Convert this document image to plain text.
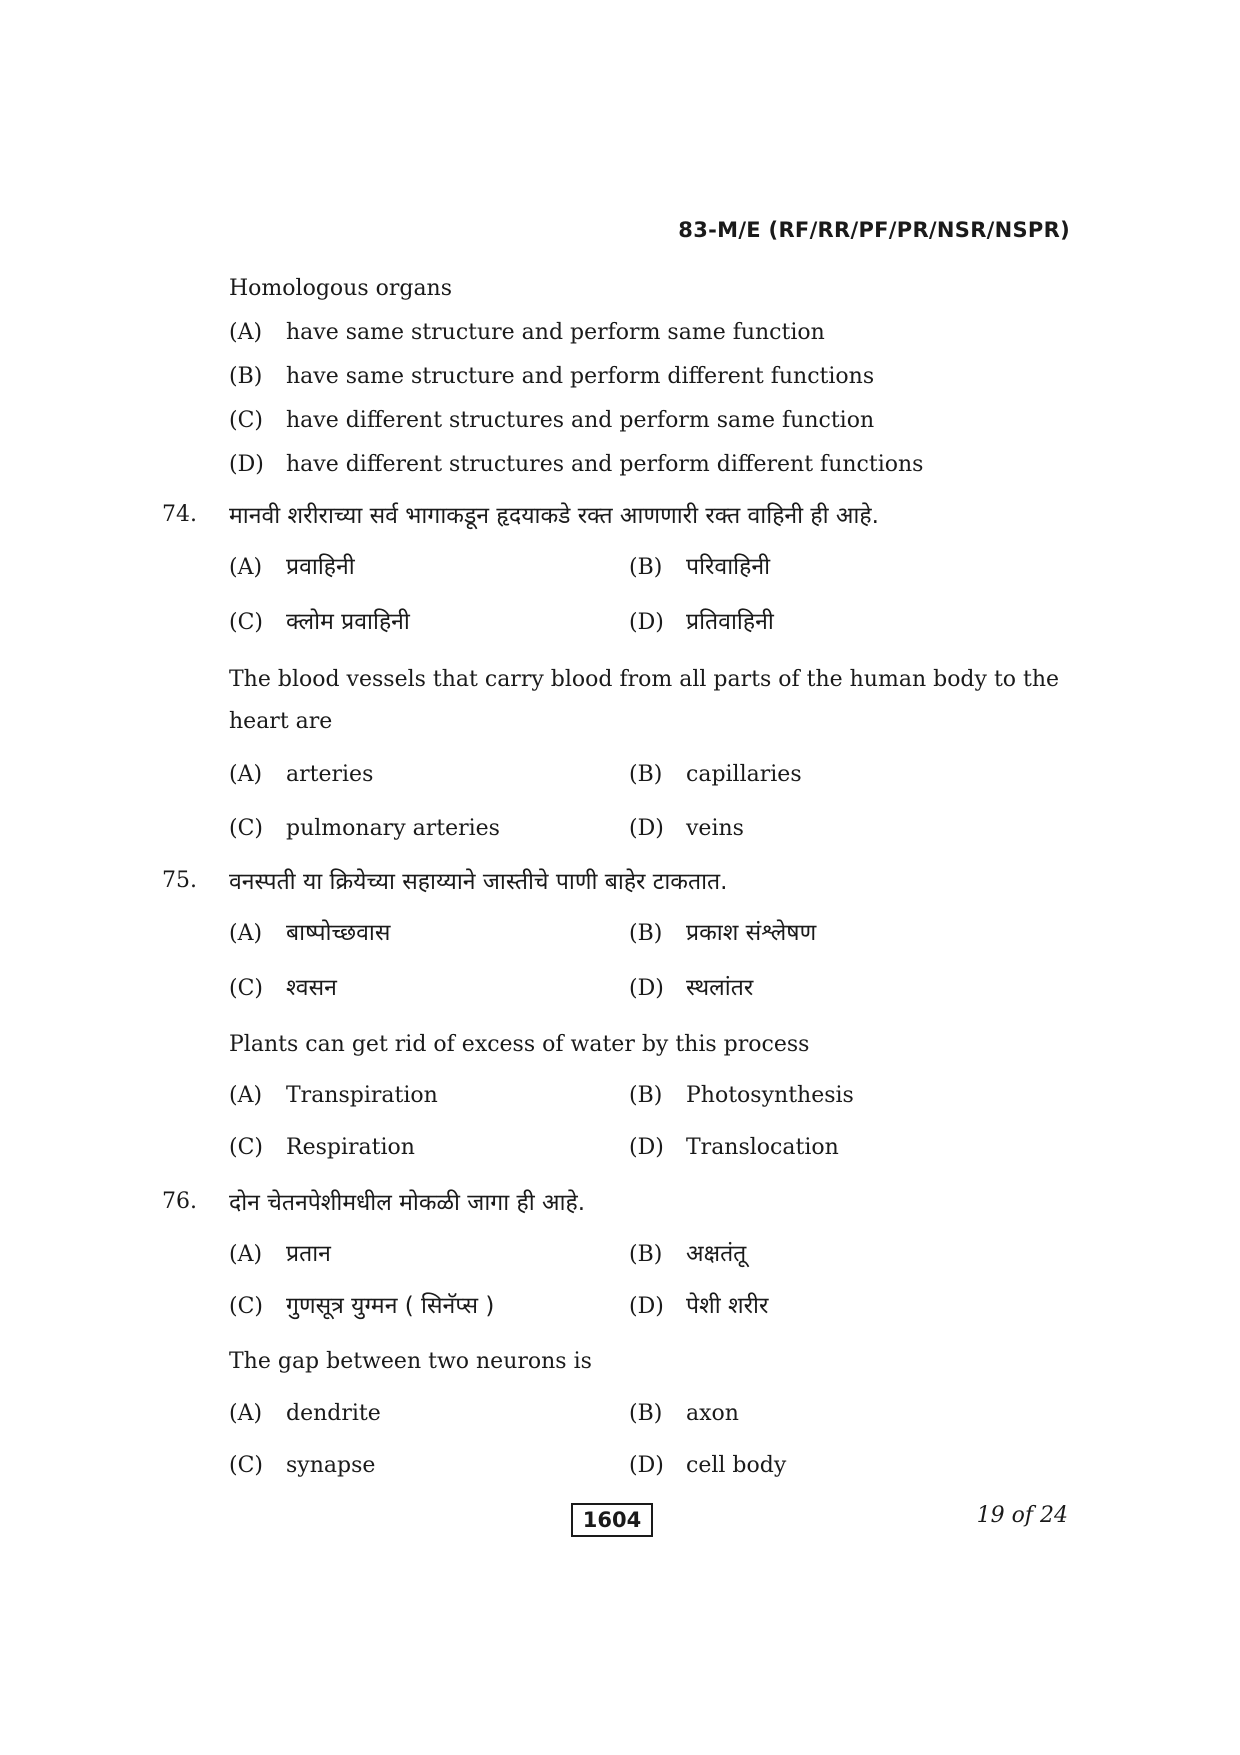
83-M/E (RF/RR/PF/PR/NSR/NSPR)
Homologous organs
(A)	have same structure and perform same function
(B)	have same structure and perform different functions
(C)	have different structures and perform same function
(D)	have different structures and perform different functions
74. मानवी शरीराच्या सर्व भागाकडून हृदयाकडे रक्त आणणारी रक्त वाहिनी ही आहे.
(A)	प्रवाहिनी	(B)	परिवाहिनी
(C)	क्लोम प्रवाहिनी	(D) प्रतिवाहिनी
The blood vessels that carry blood from all parts of the human body to the
heart are
(A)	arteries	(B)	capillaries
(C)	pulmonary arteries	(D)	veins
75. वनस्पती या क्रियेच्या सहाय्याने जास्तीचे पाणी बाहेर टाकतात.
(A)	बाष्पोच्छवास	(B)	प्रकाश संश्लेषण
(C)	श्वसन	(D) स्थलांतर
Plants can get rid of excess of water by this process
(A)	Transpiration	(B)	Photosynthesis
(C)	Respiration	(D)	Translocation
76. दोन चेतनपेशीमधील मोकळी जागा ही आहे.
(A)	प्रतान	(B)	अक्षतंतू
(C)	गुणसूत्र युग्मन ( सिनॅप्स )	(D) पेशी शरीर
The gap between two neurons is
(A)	dendrite	(B)	axon
(C)	synapse	(D)	cell body
1604	19 of 24
